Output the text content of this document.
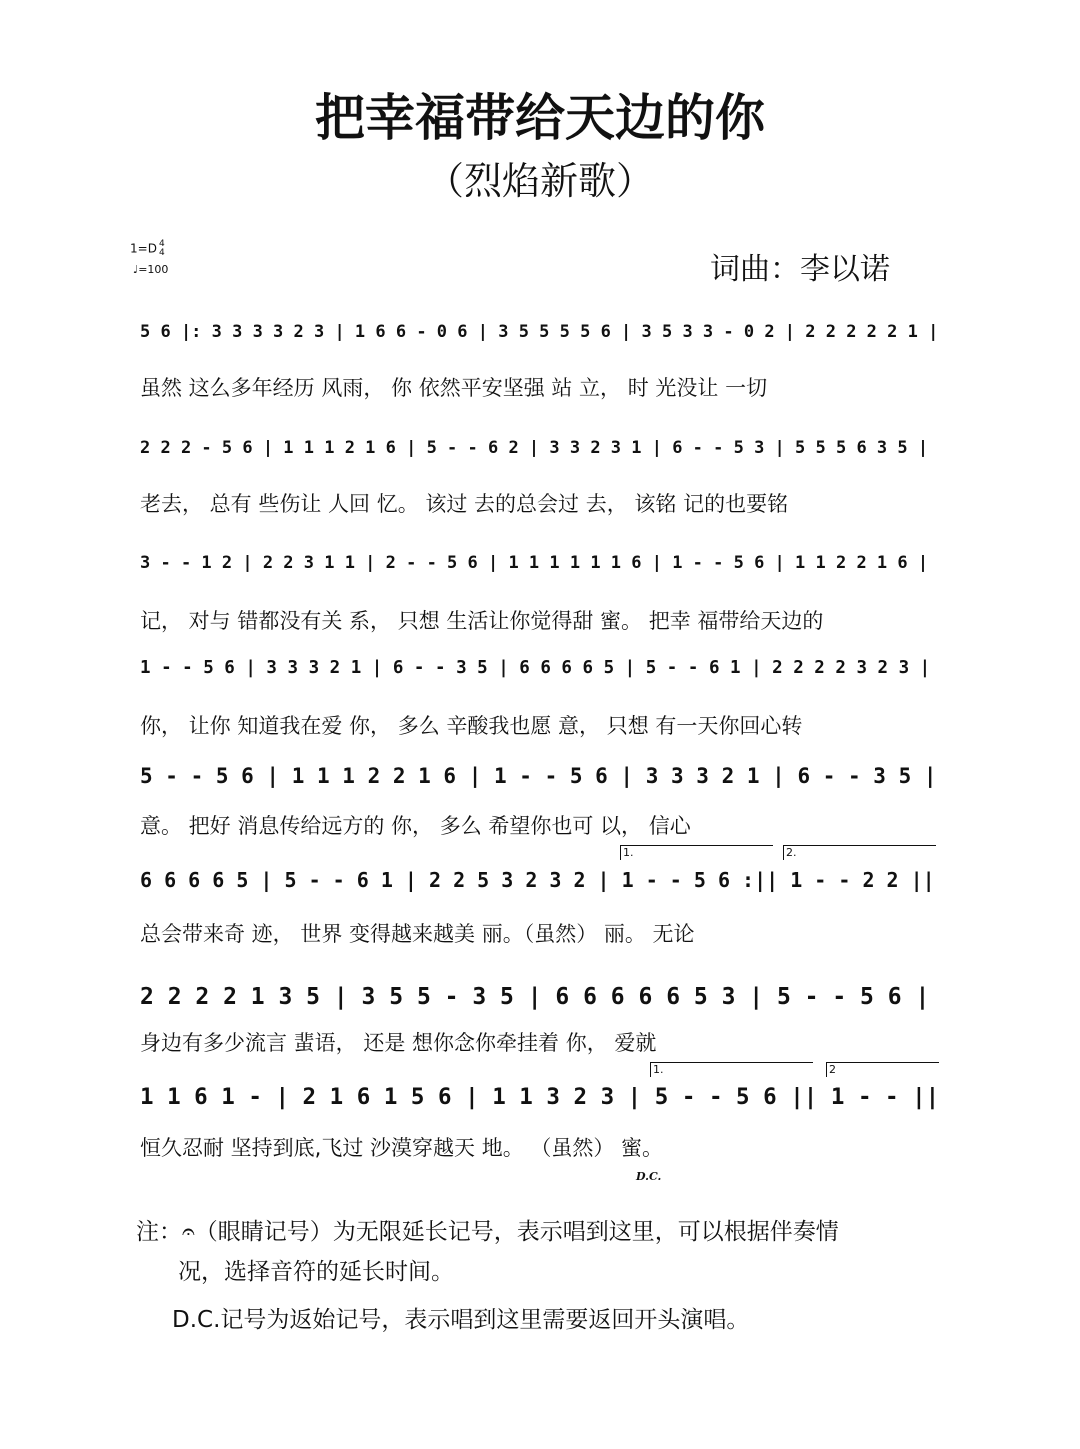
把幸福带给天边的你
（烈焰新歌）
1=D 4
4
♩=100	词曲：李以诺
5 6 |: 3 3 3 3 2 3 | 1 6 6 - 0 6 | 3 5 5 5 5 6 | 3 5 3 3 - 0 2 | 2 2 2 2 2 1 |
虽然 这么多年经历 风雨， 你 依然平安坚强 站 立， 时 光没让 一切
2 2 2 - 5 6 | 1 1 1 2 1 6 | 5 - - 6 2 | 3 3 2 3 1 | 6 - - 5 3 | 5 5 5 6 3 5 |
老去， 总有 些伤让 人回 忆。 该过 去的总会过 去， 该铭 记的也要铭
3 - - 1 2 | 2 2 3 1 1 | 2 - - 5 6 | 1 1 1 1 1 1 6 | 1 - - 5 6 | 1 1 2 2 1 6 |
记， 对与 错都没有关 系， 只想 生活让你觉得甜 蜜。 把幸 福带给天边的
1 - - 5 6 | 3 3 3 2 1 | 6 - - 3 5 | 6 6 6 6 5 | 5 - - 6 1 | 2 2 2 2 3 2 3 |
你， 让你 知道我在爱 你， 多么 辛酸我也愿 意， 只想 有一天你回心转
5 - - 5 6 | 1 1 1 2 2 1 6 | 1 - - 5 6 | 3 3 3 2 1 | 6 - - 3 5 |
意。 把好 消息传给远方的 你， 多么 希望你也可 以， 信心
1.	2.
6 6 6 6 5 | 5 - - 6 1 | 2 2 5 3 2 3 2 | 1 - - 5 6 :|| 1 - - 2 2 ||
总会带来奇 迹， 世界 变得越来越美 丽。（虽然） 丽。 无论
2 2 2 2 1 3 5 | 3 5 5 - 3 5 | 6 6 6 6 6 5 3 | 5 - - 5 6 |
身边有多少流言 蜚语， 还是 想你念你牵挂着 你， 爱就
1.	2
1 1 6 1 - | 2 1 6 1 5 6 | 1 1 3 2 3 | 5 - - 5 6 || 1 - - ||
恒久忍耐 坚持到底,飞过 沙漠穿越天 地。 （虽然） 蜜。
D.C.
注：𝄐（眼睛记号）为无限延长记号，表示唱到这里，可以根据伴奏情
况，选择音符的延长时间。
D.C.记号为返始记号，表示唱到这里需要返回开头演唱。
